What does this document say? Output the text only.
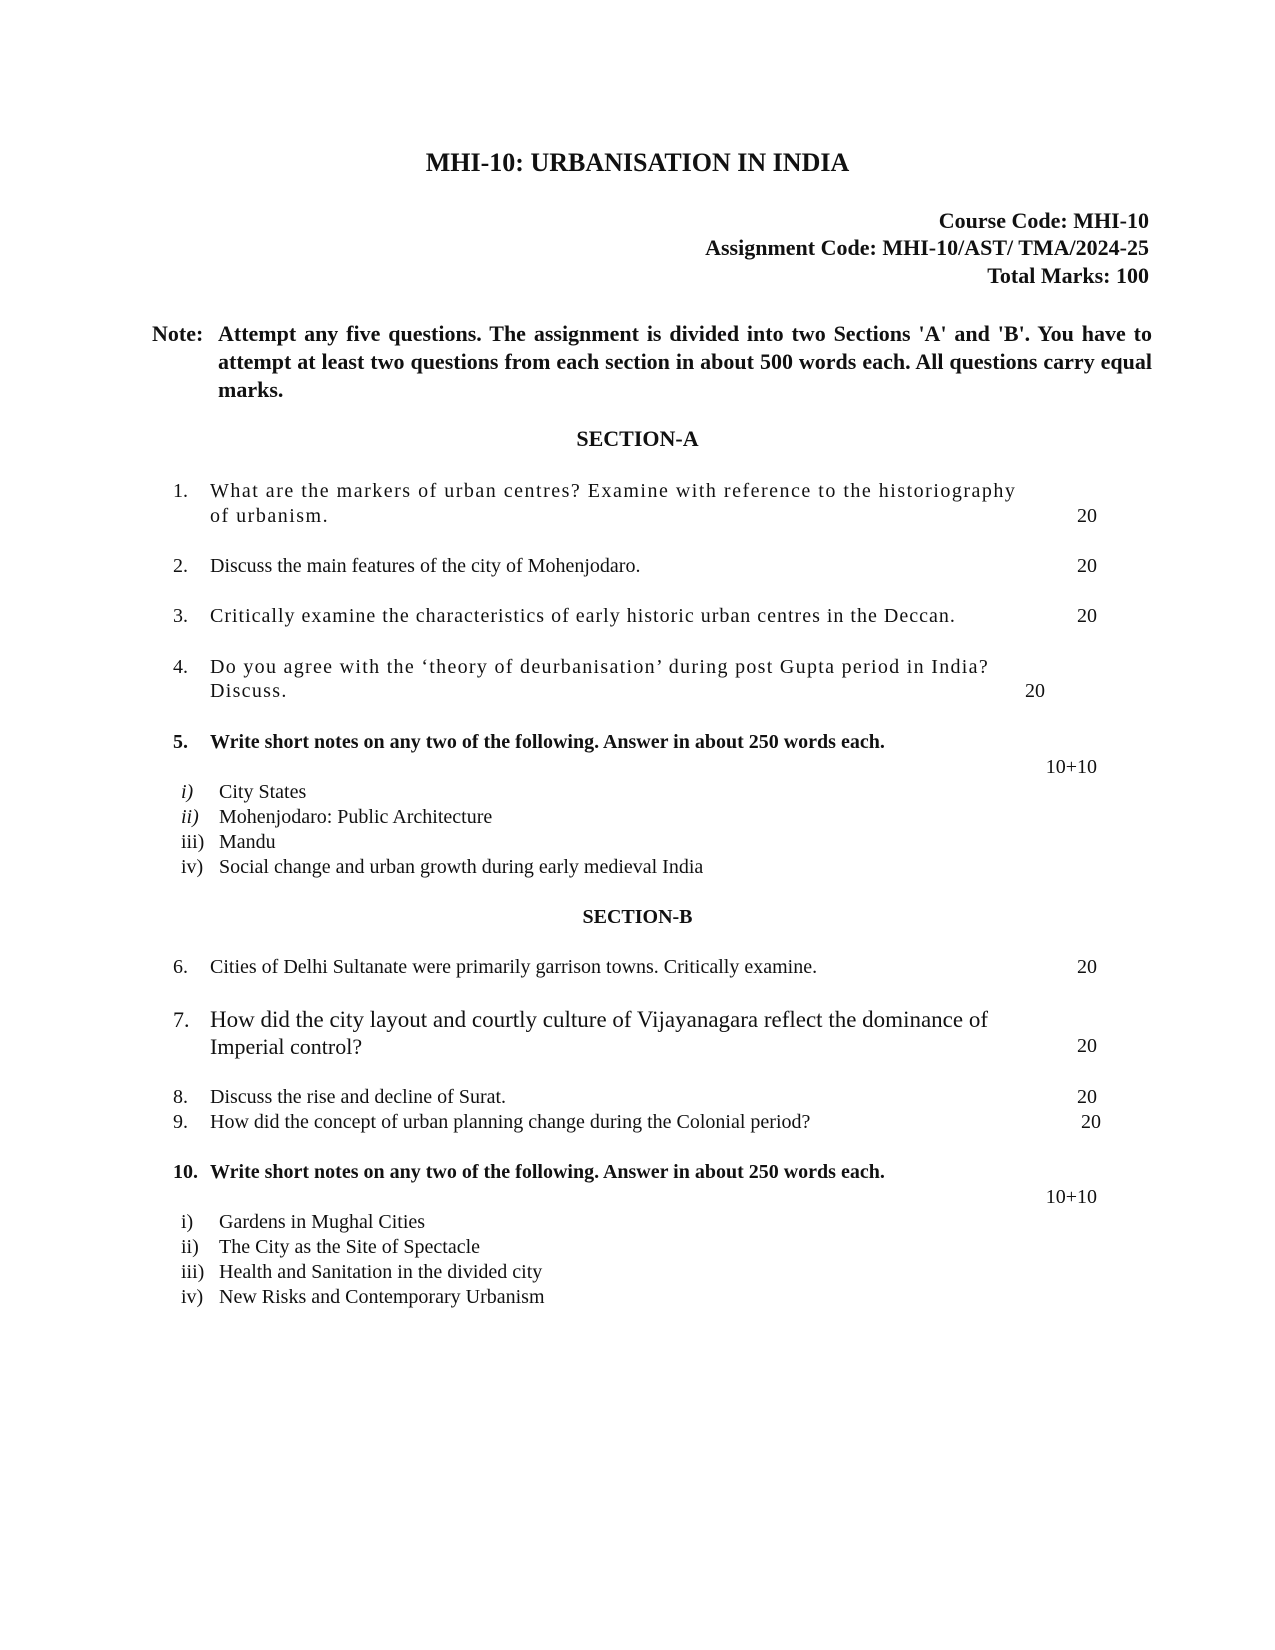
MHI-10: URBANISATION IN INDIA
Course Code: MHI-10
Assignment Code: MHI-10/AST/ TMA/2024-25
Total Marks: 100
Note: Attempt any five questions. The assignment is divided into two Sections 'A' and 'B'. You have to attempt at least two questions from each section in about 500 words each. All questions carry equal marks.
SECTION-A
1. What are the markers of urban centres? Examine with reference to the historiography
of urbanism.	20
2. Discuss the main features of the city of Mohenjodaro.	20
3. Critically examine the characteristics of early historic urban centres in the Deccan.	20
4. Do you agree with the ‘theory of deurbanisation’ during post Gupta period in India?
Discuss.	20
5. Write short notes on any two of the following. Answer in about 250 words each.
10+10
i) City States
ii) Mohenjodaro: Public Architecture
iii) Mandu
iv) Social change and urban growth during early medieval India
SECTION-B
6. Cities of Delhi Sultanate were primarily garrison towns. Critically examine.	20
7. How did the city layout and courtly culture of Vijayanagara reflect the dominance of
Imperial control?	20
8. Discuss the rise and decline of Surat.	20
9. How did the concept of urban planning change during the Colonial period?	20
10. Write short notes on any two of the following. Answer in about 250 words each.
10+10
i) Gardens in Mughal Cities
ii) The City as the Site of Spectacle
iii) Health and Sanitation in the divided city
iv) New Risks and Contemporary Urbanism
